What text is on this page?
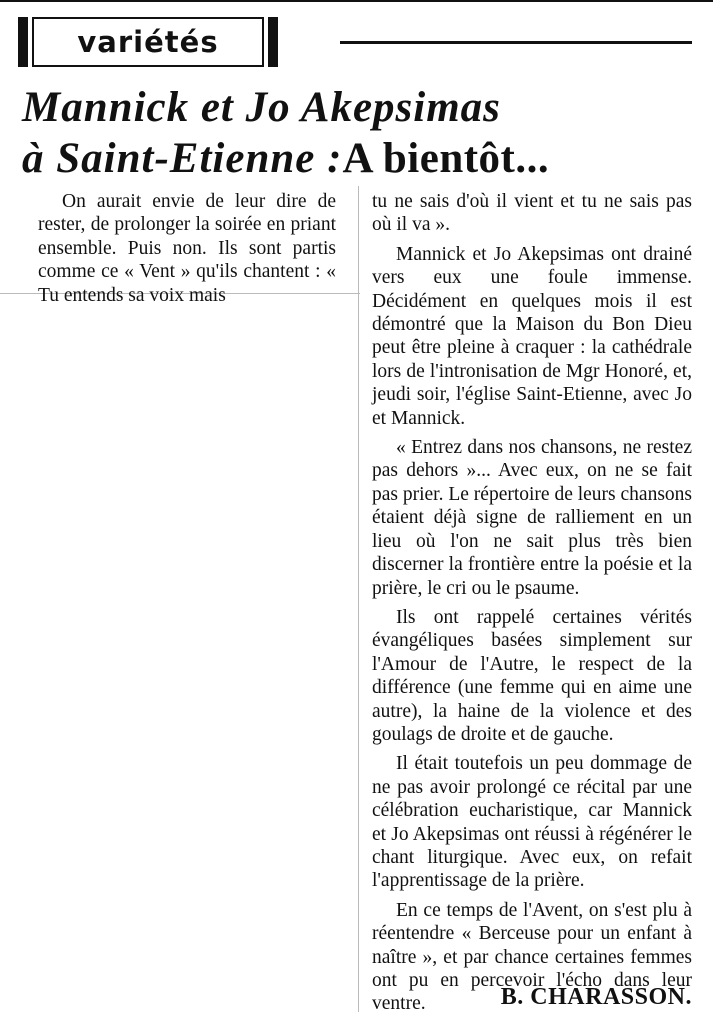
variétés
Mannick et Jo Akepsimas
à Saint-Etienne :A bientôt...

On aurait envie de leur dire de rester, de prolonger la soirée en priant ensemble. Puis non. Ils sont partis comme ce « Vent » qu'ils chantent : « Tu entends sa voix mais

tu ne sais d'où il vient et tu ne sais pas où il va ».

Mannick et Jo Akepsimas ont drainé vers eux une foule immense. Décidément en quelques mois il est démontré que la Maison du Bon Dieu peut être pleine à craquer : la cathédrale lors de l'intronisation de Mgr Honoré, et, jeudi soir, l'église Saint-Etienne, avec Jo et Mannick.

« Entrez dans nos chansons, ne restez pas dehors »... Avec eux, on ne se fait pas prier. Le répertoire de leurs chansons étaient déjà signe de ralliement en un lieu où l'on ne sait plus très bien discerner la frontière entre la poésie et la prière, le cri ou le psaume.

Ils ont rappelé certaines vérités évangéliques basées simplement sur l'Amour de l'Autre, le respect de la différence (une femme qui en aime une autre), la haine de la violence et des goulags de droite et de gauche.

Il était toutefois un peu dommage de ne pas avoir prolongé ce récital par une célébration eucharistique, car Mannick et Jo Akepsimas ont réussi à régénérer le chant liturgique. Avec eux, on refait l'apprentissage de la prière.

En ce temps de l'Avent, on s'est plu à réentendre « Berceuse pour un enfant à naître », et par chance certaines femmes ont pu en percevoir l'écho dans leur ventre.	B. CHARASSON.
